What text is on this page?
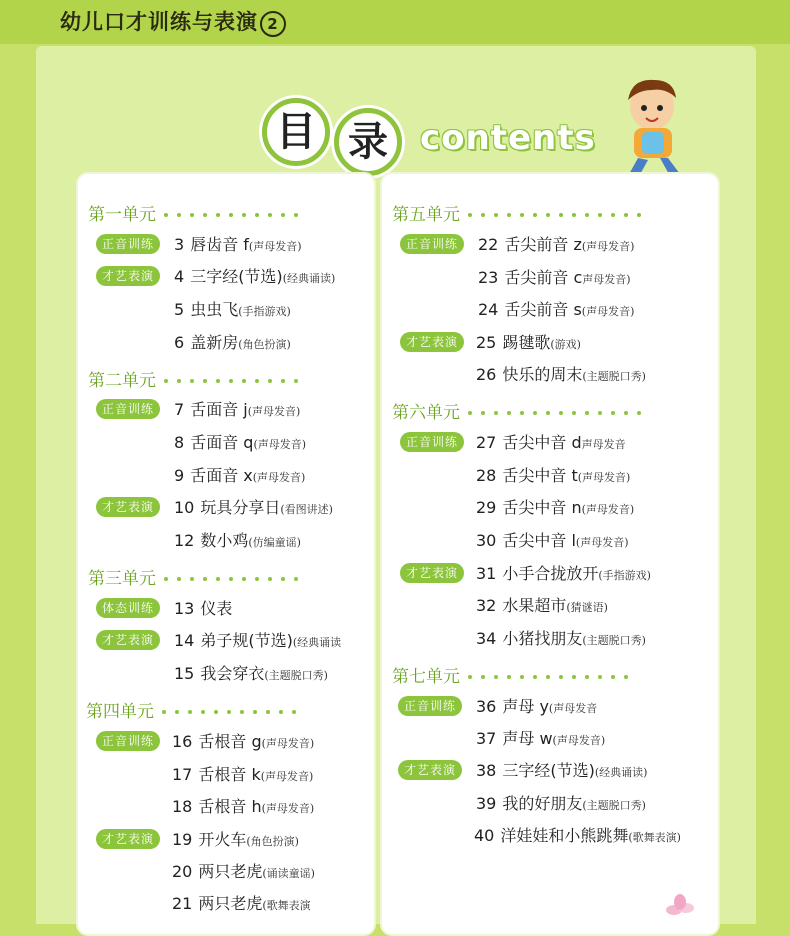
幼儿口才训练与表演 2
目 录 contents
第一单元
正音训练	3 唇齿音 f(声母发音)
才艺表演	4 三字经(节选)(经典诵读)
5 虫虫飞(手指游戏)
6 盖新房(角色扮演)
第二单元
正音训练	7 舌面音 j(声母发音)
8 舌面音 q(声母发音)
9 舌面音 x(声母发音)
才艺表演	10 玩具分享日(看图讲述)
12 数小鸡(仿编童谣)
第三单元
体态训练	13 仪表
才艺表演	14 弟子规(节选)(经典诵读
15 我会穿衣(主题脱口秀)
第四单元
正音训练	16 舌根音 g(声母发音)
17 舌根音 k(声母发音)
18 舌根音 h(声母发音)
才艺表演	19 开火车(角色扮演)
20 两只老虎(诵读童谣)
21 两只老虎(歌舞表演
第五单元
正音训练	22 舌尖前音 z(声母发音)
23 舌尖前音 c声母发音)
24 舌尖前音 s(声母发音)
才艺表演	25 踢毽歌(游戏)
26 快乐的周末(主题脱口秀)
第六单元
正音训练	27 舌尖中音 d声母发音
28 舌尖中音 t(声母发音)
29 舌尖中音 n(声母发音)
30 舌尖中音 l(声母发音)
才艺表演	31 小手合拢放开(手指游戏)
32 水果超市(猜谜语)
34 小猪找朋友(主题脱口秀)
第七单元
正音训练	36 声母 y(声母发音
37 声母 w(声母发音)
才艺表演	38 三字经(节选)(经典诵读)
39 我的好朋友(主题脱口秀)
40 洋娃娃和小熊跳舞(歌舞表演)
